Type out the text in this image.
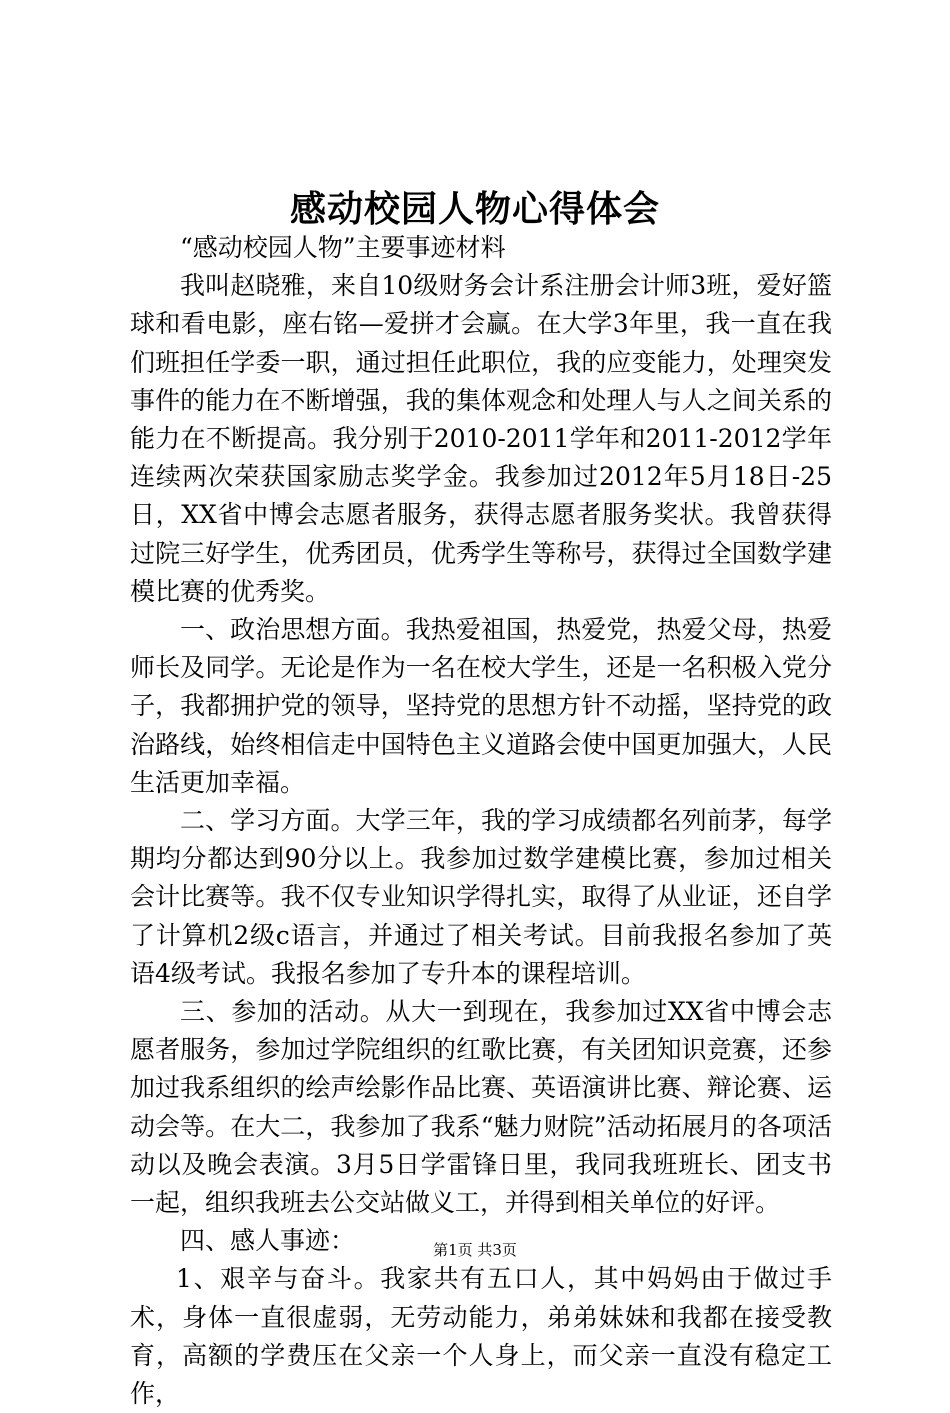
感动校园人物心得体会

“感动校园人物”主要事迹材料

我叫赵晓雅，来自10级财务会计系注册会计师3班，爱好篮球和看电影，座右铭—爱拼才会赢。在大学3年里，我一直在我们班担任学委一职，通过担任此职位，我的应变能力，处理突发事件的能力在不断增强，我的集体观念和处理人与人之间关系的能力在不断提高。我分别于2010-2011学年和2011-2012学年连续两次荣获国家励志奖学金。我参加过2012年5月18日-25日，XX省中博会志愿者服务，获得志愿者服务奖状。我曾获得过院三好学生，优秀团员，优秀学生等称号，获得过全国数学建模比赛的优秀奖。

一、政治思想方面。我热爱祖国，热爱党，热爱父母，热爱师长及同学。无论是作为一名在校大学生，还是一名积极入党分子，我都拥护党的领导，坚持党的思想方针不动摇，坚持党的政治路线，始终相信走中国特色主义道路会使中国更加强大，人民生活更加幸福。

二、学习方面。大学三年，我的学习成绩都名列前茅，每学期均分都达到90分以上。我参加过数学建模比赛，参加过相关会计比赛等。我不仅专业知识学得扎实，取得了从业证，还自学了计算机2级c语言，并通过了相关考试。目前我报名参加了英语4级考试。我报名参加了专升本的课程培训。

三、参加的活动。从大一到现在，我参加过XX省中博会志愿者服务，参加过学院组织的红歌比赛，有关团知识竞赛，还参加过我系组织的绘声绘影作品比赛、英语演讲比赛、辩论赛、运动会等。在大二，我参加了我系“魅力财院”活动拓展月的各项活动以及晚会表演。3月5日学雷锋日里，我同我班班长、团支书一起，组织我班去公交站做义工，并得到相关单位的好评。

四、感人事迹：

1、艰辛与奋斗。我家共有五口人，其中妈妈由于做过手术，身体一直很虚弱，无劳动能力，弟弟妹妹和我都在接受教育，高额的学费压在父亲一个人身上，而父亲一直没有稳定工作，

第1页 共3页
